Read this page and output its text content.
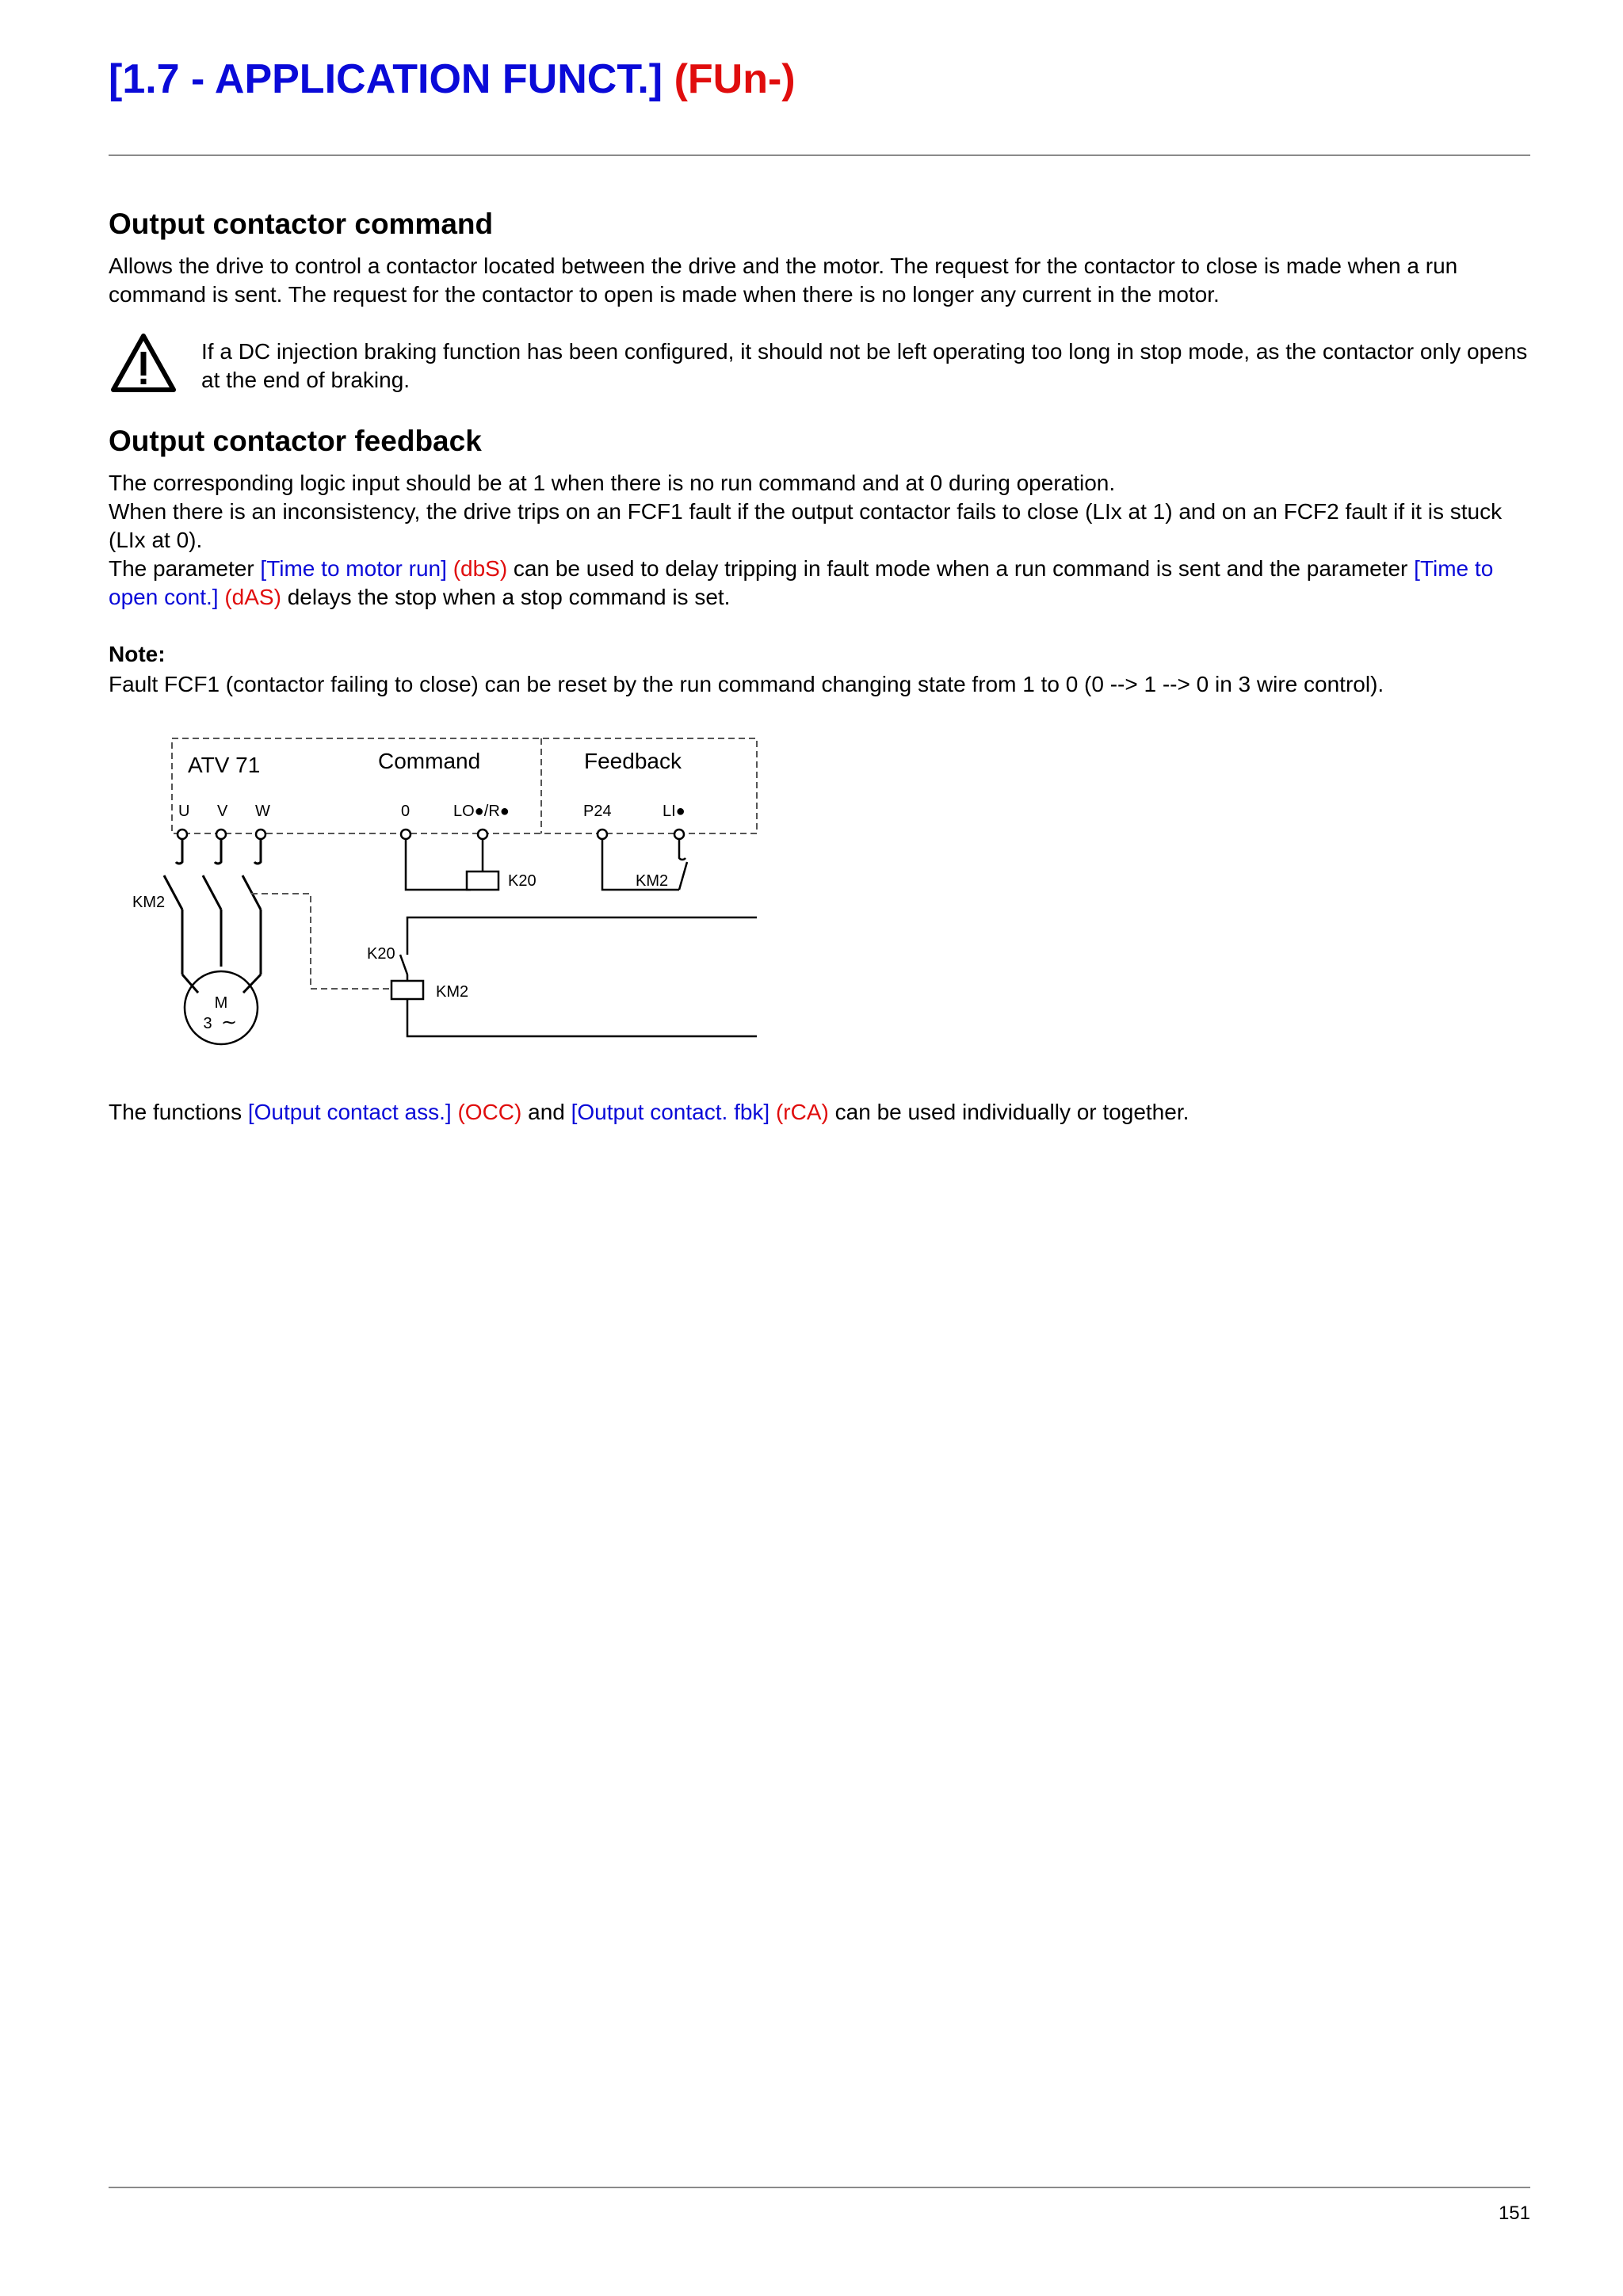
[1.7 - APPLICATION FUNCT.] (FUn-)
Output contactor command

Allows the drive to control a contactor located between the drive and the motor. The request for the contactor to close is made when a run command is sent. The request for the contactor to open is made when there is no longer any current in the motor.

If a DC injection braking function has been configured, it should not be left operating too long in stop mode, as the contactor only opens at the end of braking.

Output contactor feedback

The corresponding logic input should be at 1 when there is no run command and at 0 during operation.

When there is an inconsistency, the drive trips on an FCF1 fault if the output contactor fails to close (LIx at 1) and on an FCF2 fault if it is stuck (LIx at 0).

The parameter [Time to motor run] (dbS) can be used to delay tripping in fault mode when a run command is sent and the parameter [Time to open cont.] (dAS) delays the stop when a stop command is set.

Note:

Fault FCF1 (contactor failing to close) can be reset by the run command changing state from 1 to 0 (0 --> 1 --> 0 in 3 wire control).

ATV 71	Command	Feedback
U V W	0	LO●/R●	P24	LI●
KM2
M
3 ∼
K20	KM2
K20
KM2

The functions [Output contact ass.] (OCC) and [Output contact. fbk] (rCA) can be used individually or together.

151
